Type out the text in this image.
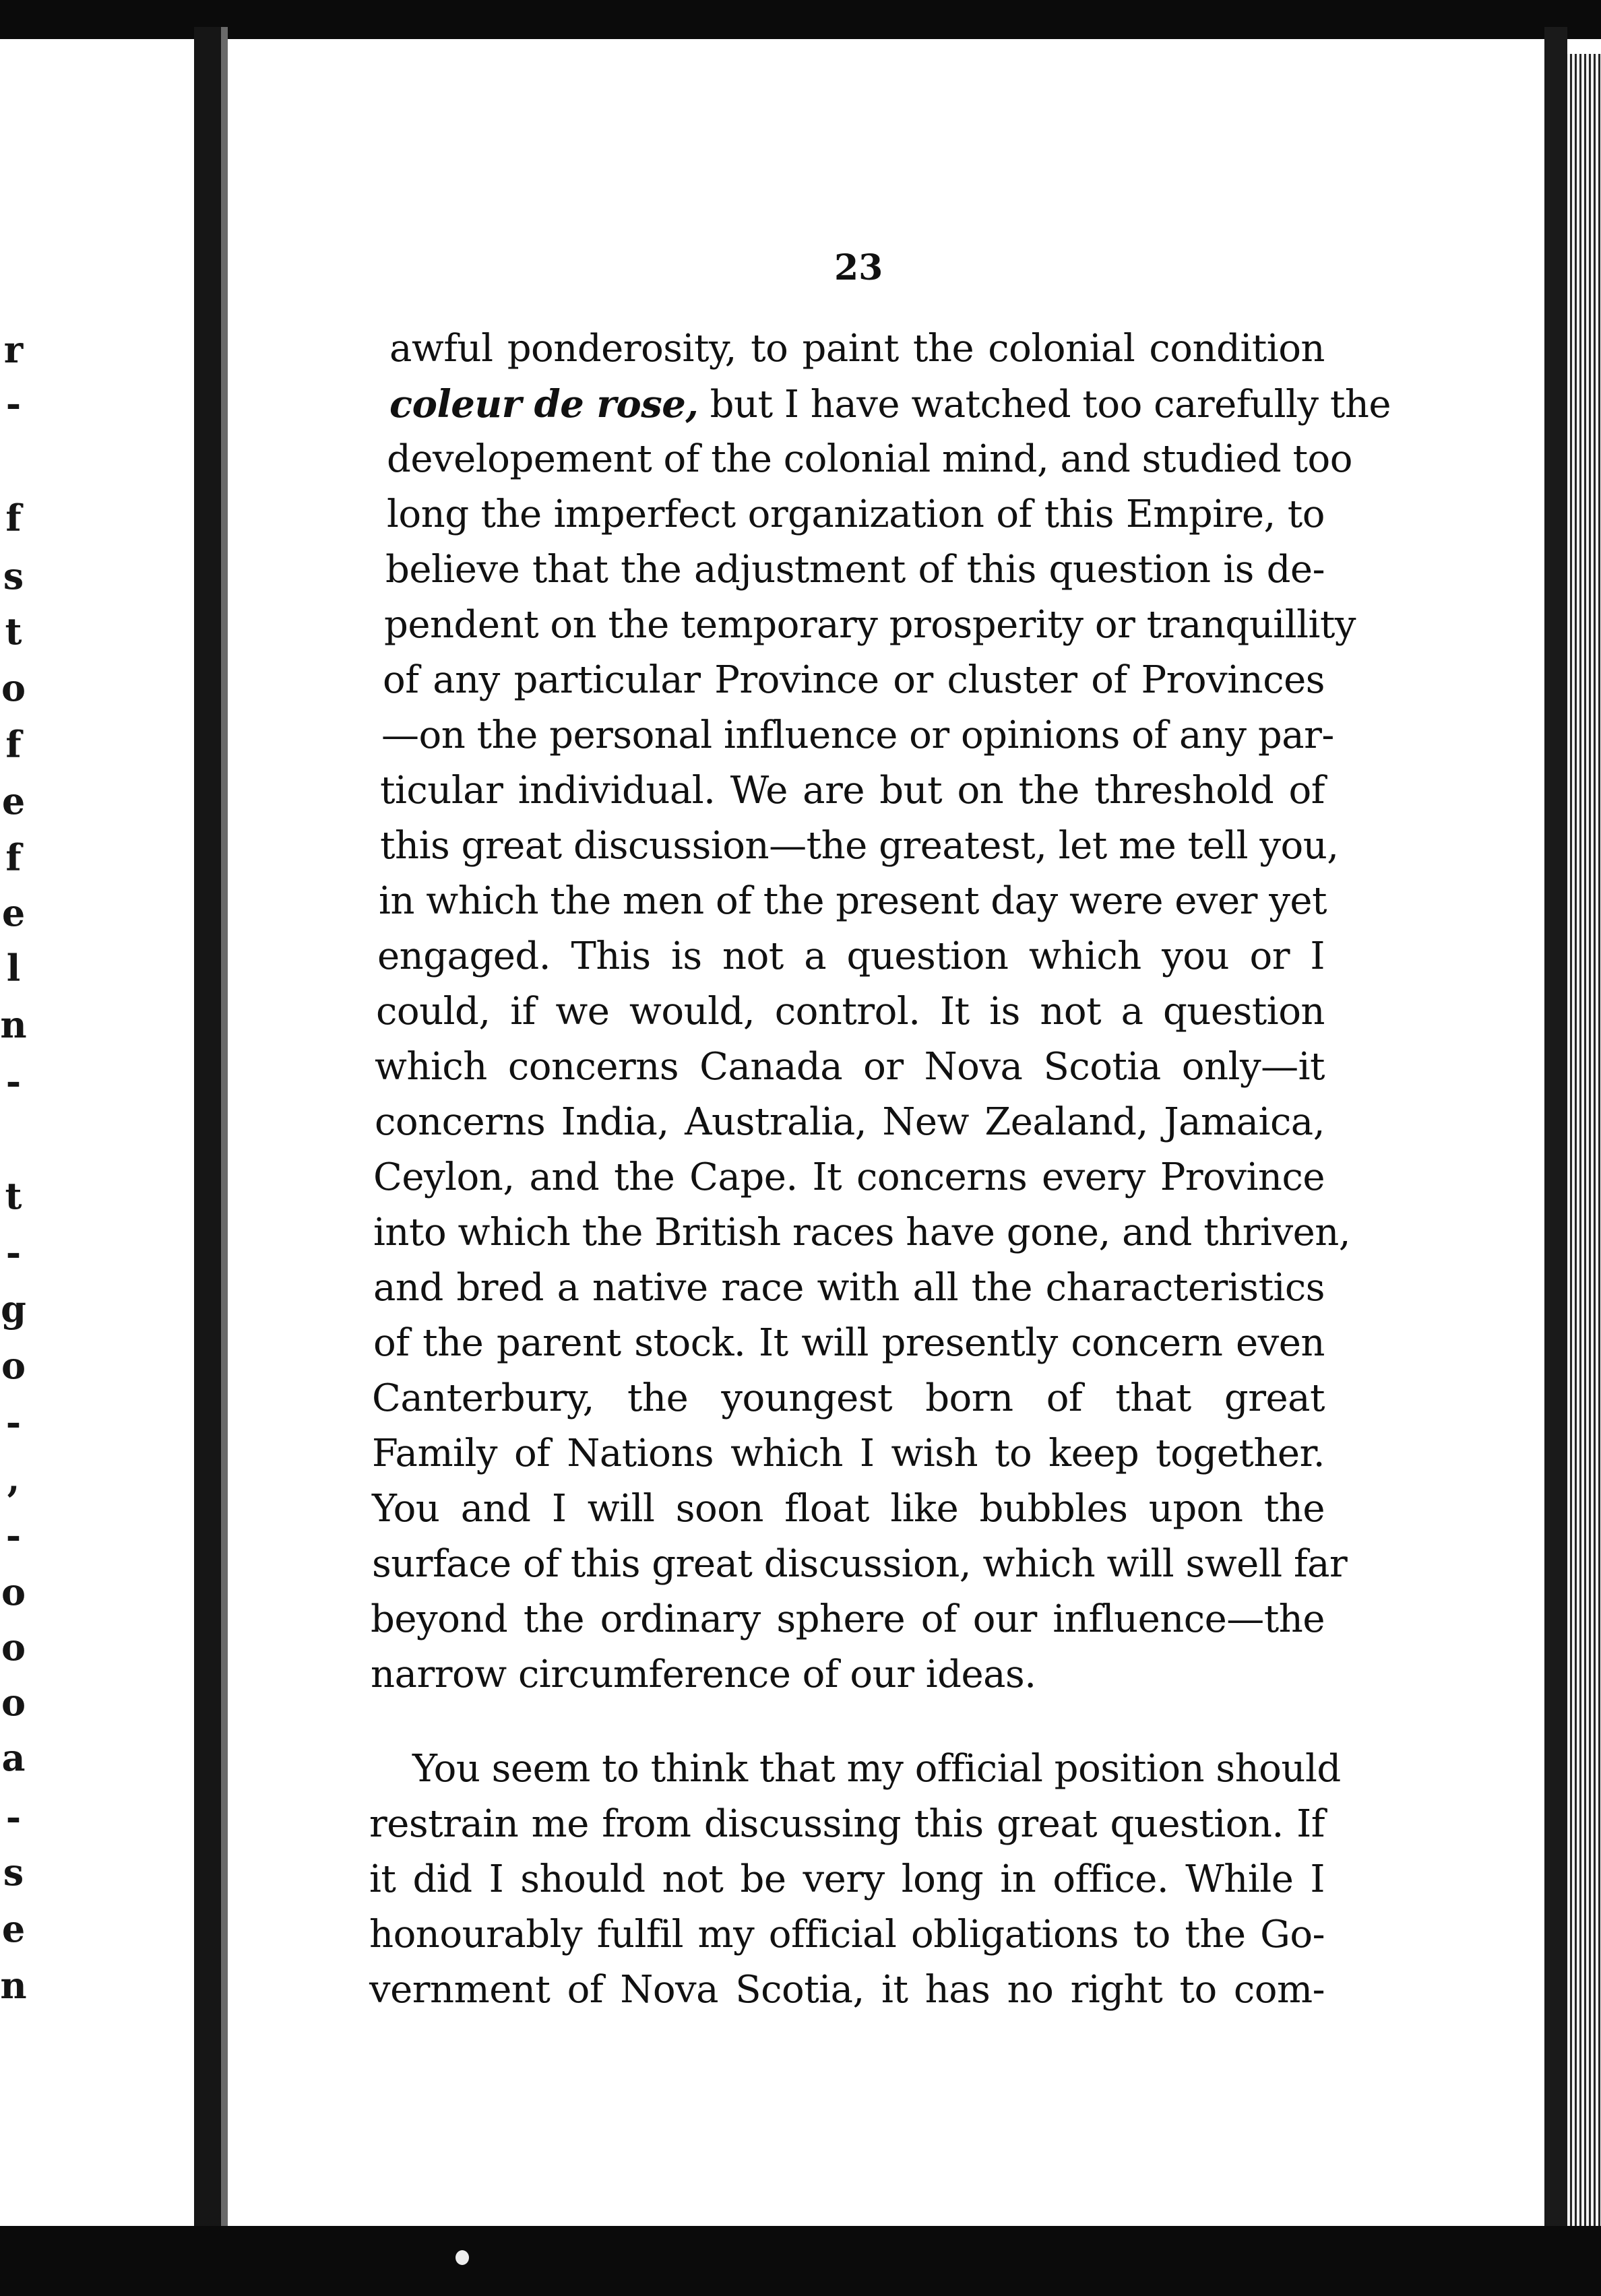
r
-
f
s
t
o
f
e
f
e
l
n
-
t
-
g
o
-
,
-
o
o
o
a
-
s
e
n
23
awful ponderosity, to paint the colonial condition
coleur de rose, but I have watched too carefully the
developement of the colonial mind, and studied too
long the imperfect organization of this Empire, to
believe that the adjustment of this question is de-
pendent on the temporary prosperity or tranquillity
of any particular Province or cluster of Provinces
—on the personal influence or opinions of any par-
ticular individual. We are but on the threshold of
this great discussion—the greatest, let me tell you,
in which the men of the present day were ever yet
engaged. This is not a question which you or I
could, if we would, control. It is not a question
which concerns Canada or Nova Scotia only—it
concerns India, Australia, New Zealand, Jamaica,
Ceylon, and the Cape. It concerns every Province
into which the British races have gone, and thriven,
and bred a native race with all the characteristics
of the parent stock. It will presently concern even
Canterbury, the youngest born of that great
Family of Nations which I wish to keep together.
You and I will soon float like bubbles upon the
surface of this great discussion, which will swell far
beyond the ordinary sphere of our influence—the
narrow circumference of our ideas.
You seem to think that my official position should
restrain me from discussing this great question. If
it did I should not be very long in office. While I
honourably fulfil my official obligations to the Go-
vernment of Nova Scotia, it has no right to com-
